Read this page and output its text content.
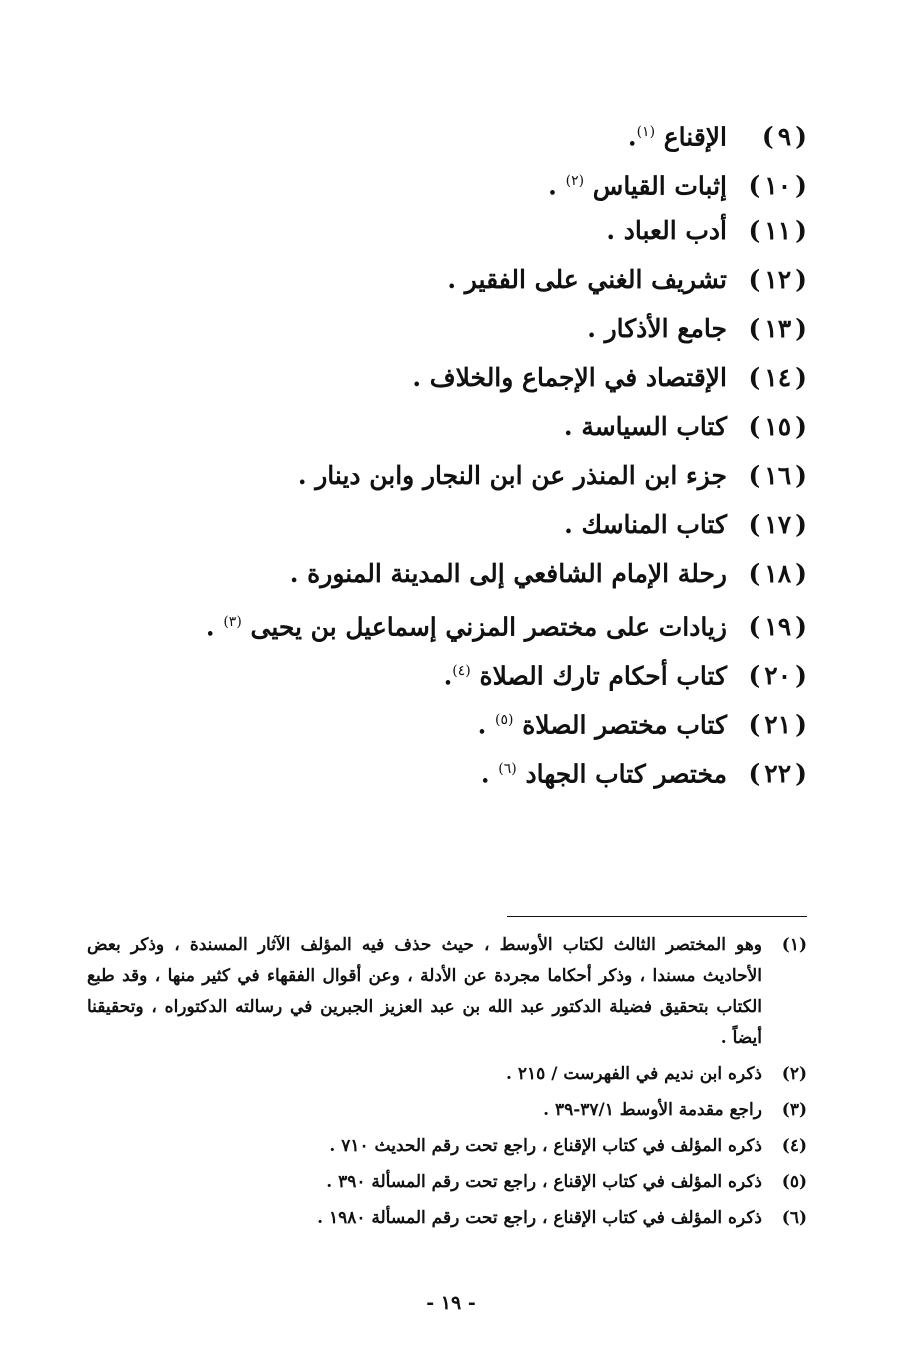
(٩)
الإقناع $^{(١)}$.
(١٠)
إثبات القياس $^{(٢)}$ .
(١١)
أدب العباد .
(١٢)
تشريف الغني على الفقير .
(١٣)
جامع الأذكار .
(١٤)
الإقتصاد في الإجماع والخلاف .
(١٥)
كتاب السياسة .
(١٦)
جزء ابن المنذر عن ابن النجار وابن دينار .
(١٧)
كتاب المناسك .
(١٨)
رحلة الإمام الشافعي إلى المدينة المنورة .
(١٩)
زيادات على مختصر المزني إسماعيل بن يحيى $^{(٣)}$ .
(٢٠)
كتاب أحكام تارك الصلاة $^{(٤)}$.
(٢١)
كتاب مختصر الصلاة $^{(٥)}$ .
(٢٢)
مختصر كتاب الجهاد $^{(٦)}$ .
(١)
وهو المختصر الثالث لكتاب الأوسط ، حيث حذف فيه المؤلف الآثار المسندة ، وذكر بعض الأحاديث مسندا ، وذكر أحكاما مجردة عن الأدلة ، وعن أقوال الفقهاء في كثير منها ، وقد طبع الكتاب بتحقيق فضيلة الدكتور عبد الله بن عبد العزيز الجبرين في رسالته الدكتوراه ، وتحقيقنا أيضاً .
(٢)
ذكره ابن نديم في الفهرست / ٢١٥ .
(٣)
راجع مقدمة الأوسط ٣٧/١-٣٩ .
(٤)
ذكره المؤلف في كتاب الإقناع ، راجع تحت رقم الحديث ٧١٠ .
(٥)
ذكره المؤلف في كتاب الإقناع ، راجع تحت رقم المسألة ٣٩٠ .
(٦)
ذكره المؤلف في كتاب الإقناع ، راجع تحت رقم المسألة ١٩٨٠ .
- ١٩ -
